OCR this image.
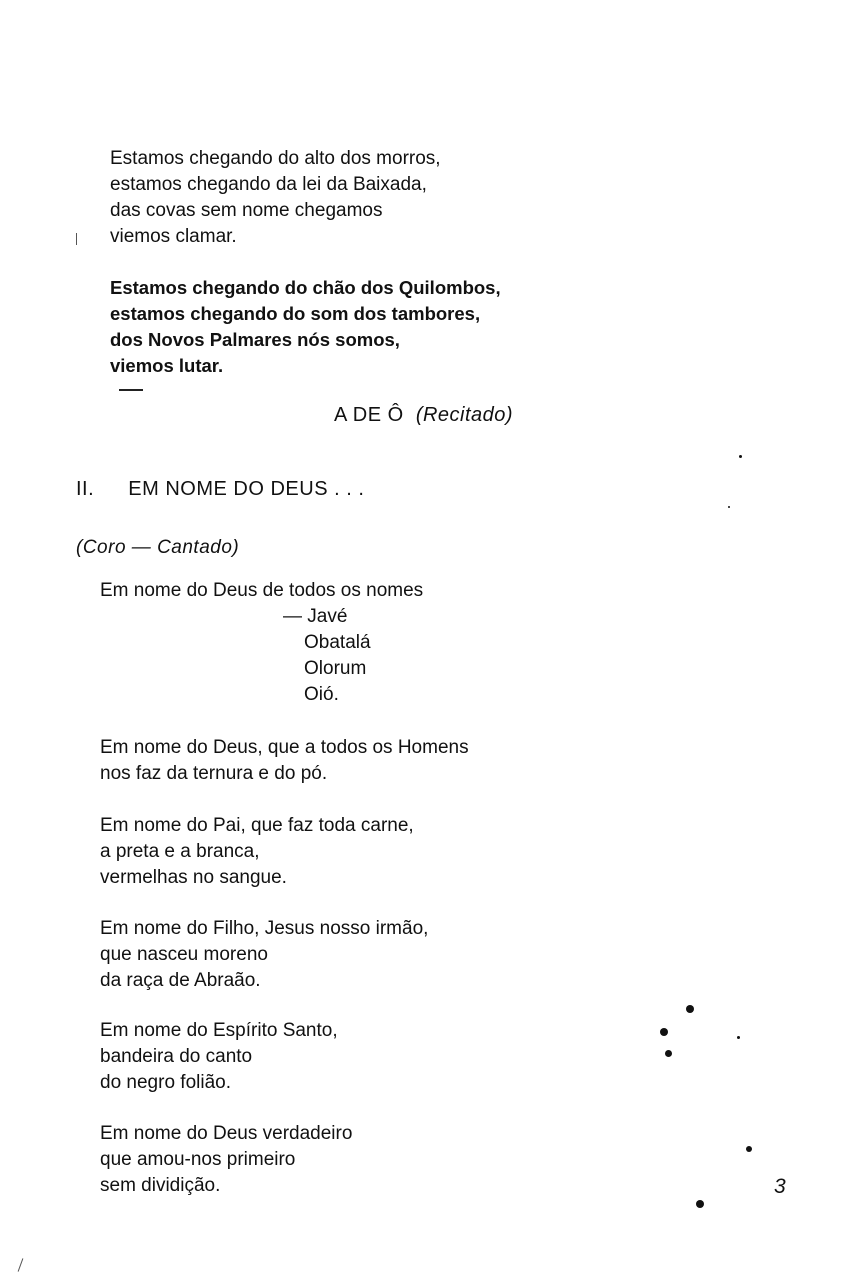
Estamos chegando do alto dos morros,
estamos chegando da lei da Baixada,
das covas sem nome chegamos
viemos clamar.
Estamos chegando do chão dos Quilombos,
estamos chegando do som dos tambores,
dos Novos Palmares nós somos,
viemos lutar.
A DE Ô (Recitado)
II. EM NOME DO DEUS . . .
(Coro — Cantado)
Em nome do Deus de todos os nomes
— Javé
Obatalá
Olorum
Oió.
Em nome do Deus, que a todos os Homens
nos faz da ternura e do pó.
Em nome do Pai, que faz toda carne,
a preta e a branca,
vermelhas no sangue.
Em nome do Filho, Jesus nosso irmão,
que nasceu moreno
da raça de Abraão.
Em nome do Espírito Santo,
bandeira do canto
do negro folião.
Em nome do Deus verdadeiro
que amou-nos primeiro
sem dividição.	3
